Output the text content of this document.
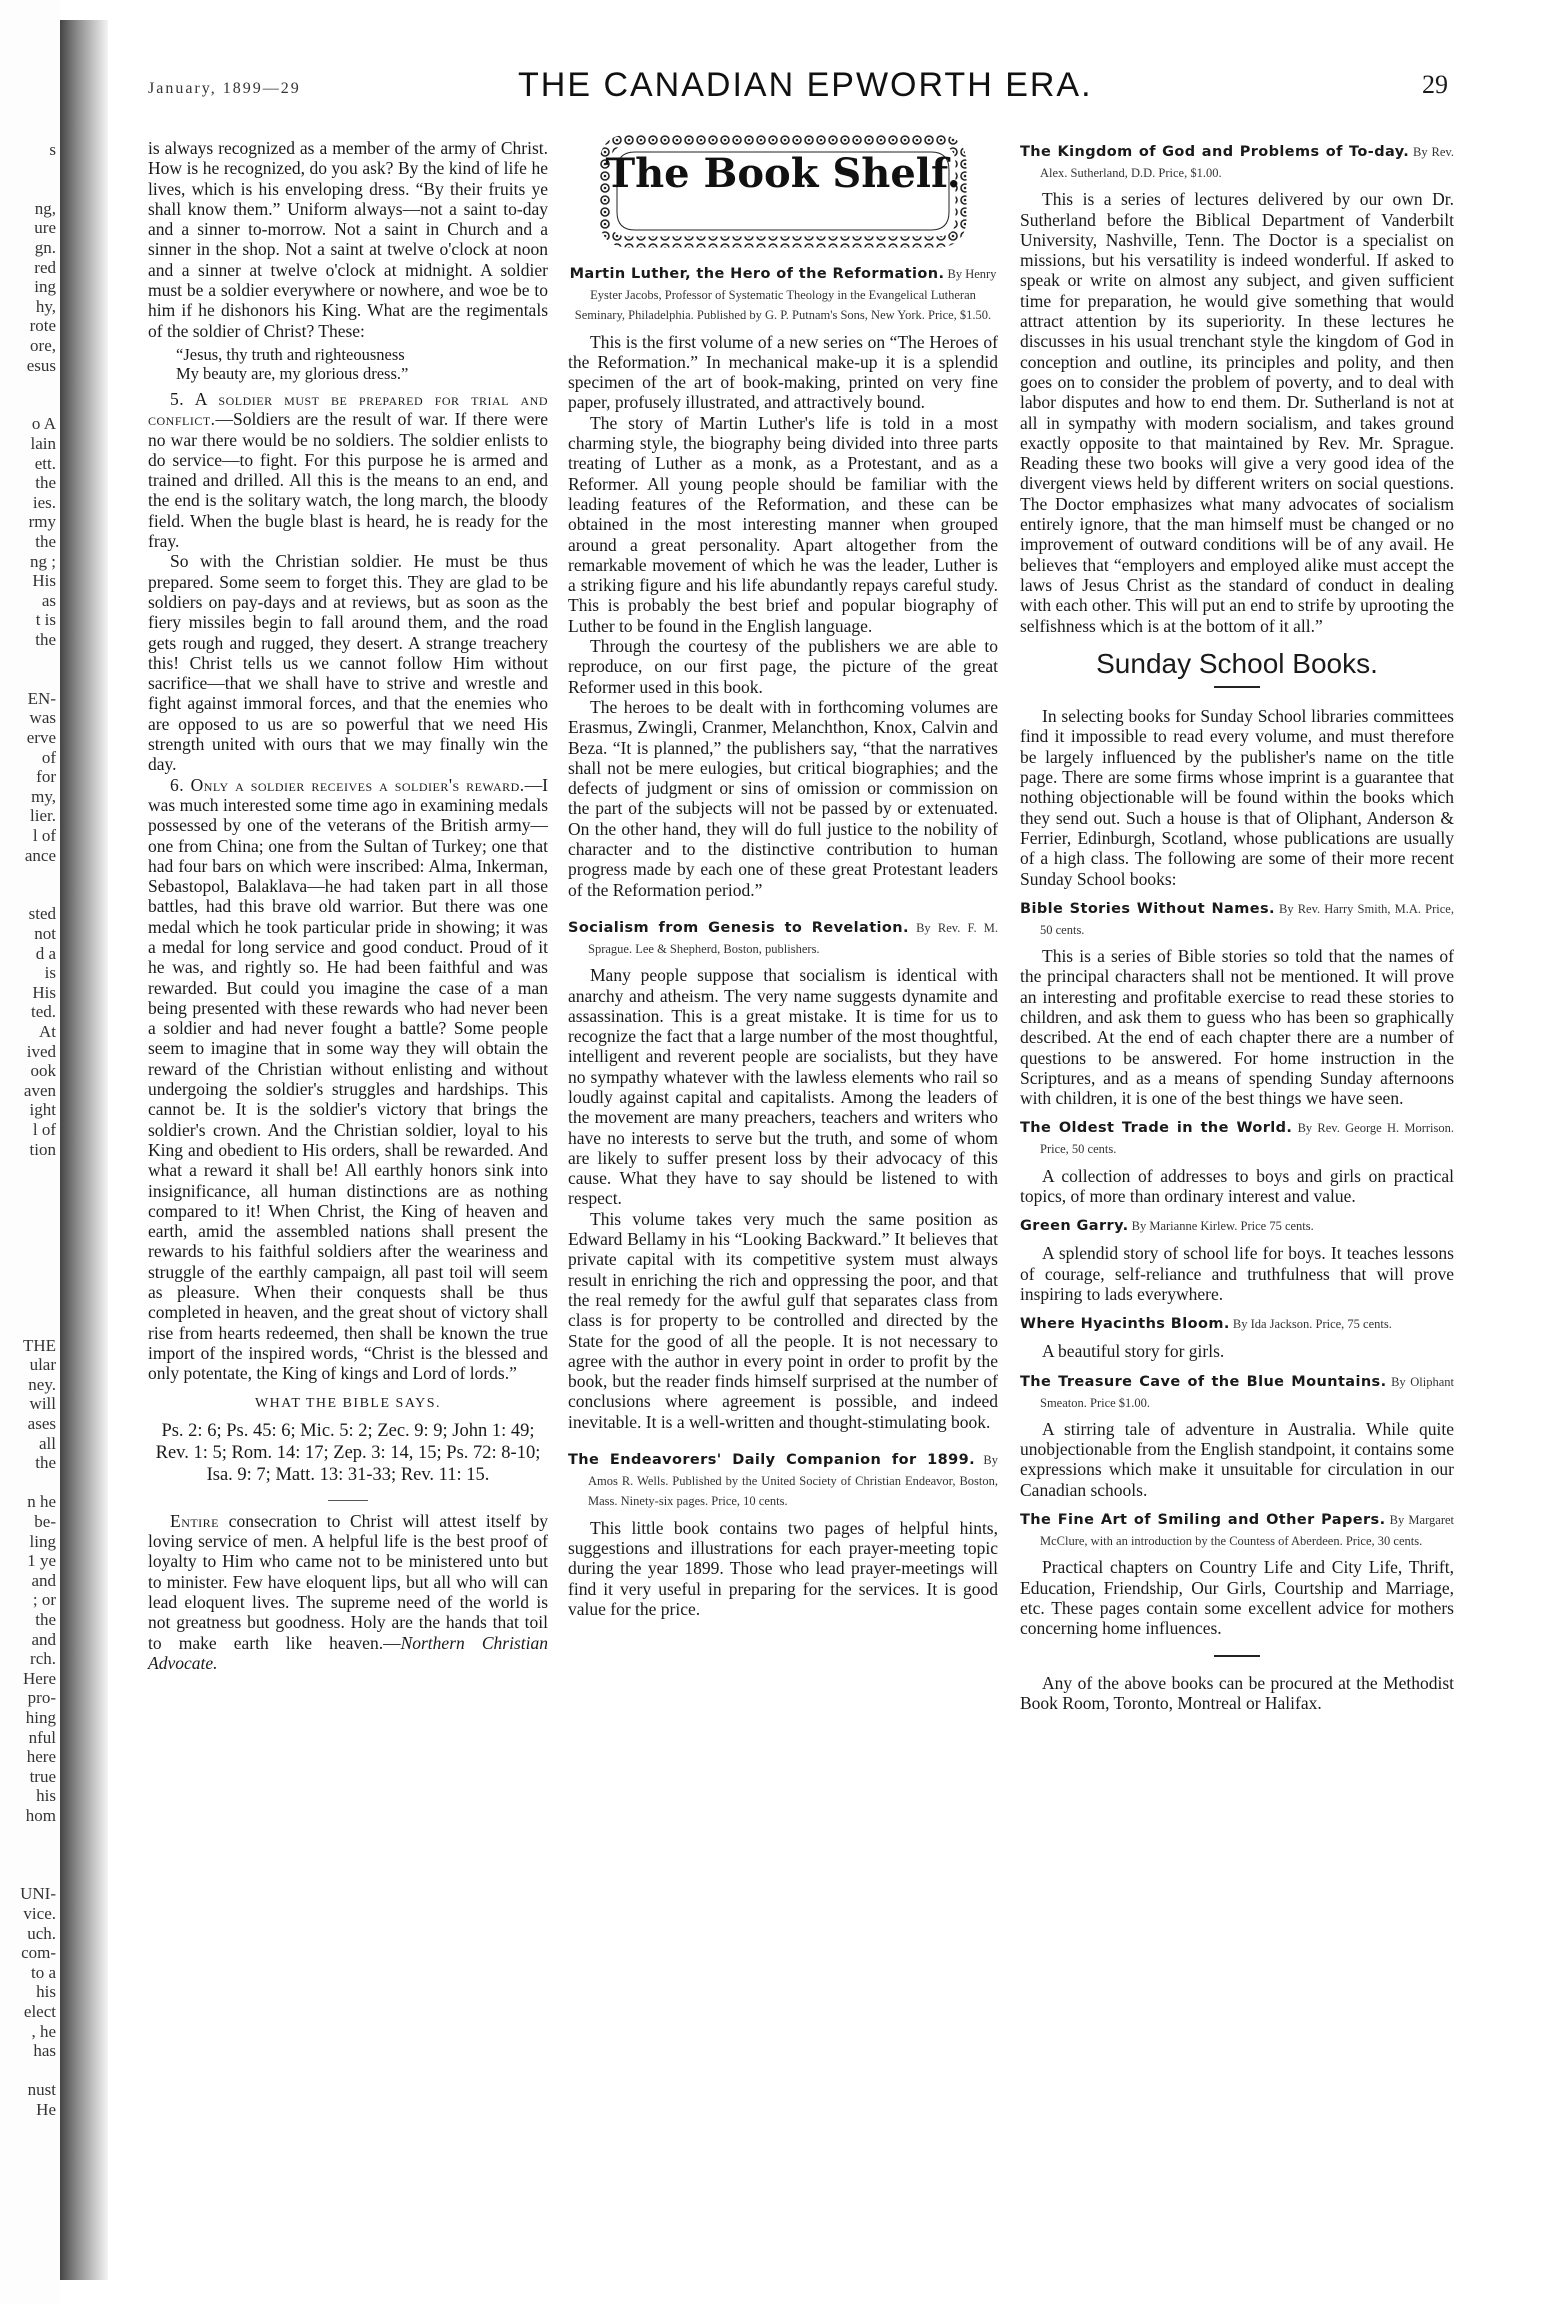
s
ng,
ure
gn.
red
ing
hy,
rote
ore,
esus
o A
lain
ett.
the
ies.
rmy
the
ng ;
His
as
t is
the
EN-
was
erve
of
for
my,
lier.
l of
ance
sted
not
d a
is
His
ted.
At
ived
ook
aven
ight
l of
tion
THE
ular
ney.
will
ases
all
the
n he
be-
ling
1 ye
and
; or
the
and
rch.
Here
pro-
hing
nful
here
true
his
hom
UNI-
vice.
uch.
com-
to a
his
elect
, he
has
nust
He
January, 1899—29	THE CANADIAN EPWORTH ERA.	29

is always recognized as a member of the army of Christ. How is he recognized, do you ask? By the kind of life he lives, which is his enveloping dress. “By their fruits ye shall know them.” Uniform always—not a saint to-day and a sinner to-morrow. Not a saint in Church and a sinner in the shop. Not a saint at twelve o'clock at noon and a sinner at twelve o'clock at midnight. A soldier must be a soldier everywhere or nowhere, and woe be to him if he dishonors his King. What are the regimentals of the soldier of Christ? These:

“Jesus, thy truth and righteousness
My beauty are, my glorious dress.”

5. A soldier must be prepared for trial and conflict.—Soldiers are the result of war. If there were no war there would be no soldiers. The soldier enlists to do service—to fight. For this purpose he is armed and trained and drilled. All this is the means to an end, and the end is the solitary watch, the long march, the bloody field. When the bugle blast is heard, he is ready for the fray.

So with the Christian soldier. He must be thus prepared. Some seem to forget this. They are glad to be soldiers on pay-days and at reviews, but as soon as the fiery missiles begin to fall around them, and the road gets rough and rugged, they desert. A strange treachery this! Christ tells us we cannot follow Him without sacrifice—that we shall have to strive and wrestle and fight against immoral forces, and that the enemies who are opposed to us are so powerful that we need His strength united with ours that we may finally win the day.

6. Only a soldier receives a soldier's reward.—I was much interested some time ago in examining medals possessed by one of the veterans of the British army—one from China; one from the Sultan of Turkey; one that had four bars on which were inscribed: Alma, Inkerman, Sebastopol, Balaklava—he had taken part in all those battles, had this brave old warrior. But there was one medal which he took particular pride in showing; it was a medal for long service and good conduct. Proud of it he was, and rightly so. He had been faithful and was rewarded. But could you imagine the case of a man being presented with these rewards who had never been a soldier and had never fought a battle? Some people seem to imagine that in some way they will obtain the reward of the Christian without enlisting and without undergoing the soldier's struggles and hardships. This cannot be. It is the soldier's victory that brings the soldier's crown. And the Christian soldier, loyal to his King and obedient to His orders, shall be rewarded. And what a reward it shall be! All earthly honors sink into insignificance, all human distinctions are as nothing compared to it! When Christ, the King of heaven and earth, amid the assembled nations shall present the rewards to his faithful soldiers after the weariness and struggle of the earthly campaign, all past toil will seem as pleasure. When their conquests shall be thus completed in heaven, and the great shout of victory shall rise from hearts redeemed, then shall be known the true import of the inspired words, “Christ is the blessed and only potentate, the King of kings and Lord of lords.”

WHAT THE BIBLE SAYS.

Ps. 2: 6; Ps. 45: 6; Mic. 5: 2; Zec. 9: 9; John 1: 49; Rev. 1: 5; Rom. 14: 17; Zep. 3: 14, 15; Ps. 72: 8-10; Isa. 9: 7; Matt. 13: 31-33; Rev. 11: 15.

Entire consecration to Christ will attest itself by loving service of men. A helpful life is the best proof of loyalty to Him who came not to be ministered unto but to minister. Few have eloquent lips, but all who will can lead eloquent lives. The supreme need of the world is not greatness but goodness. Holy are the hands that toil to make earth like heaven.—Northern Christian Advocate.

The Book Shelf.
Martin Luther, the Hero of the Reformation. By Henry Eyster Jacobs, Professor of Systematic Theology in the Evangelical Lutheran Seminary, Philadelphia. Published by G. P. Putnam's Sons, New York. Price, $1.50.

This is the first volume of a new series on “The Heroes of the Reformation.” In mechanical make-up it is a splendid specimen of the art of book-making, printed on very fine paper, profusely illustrated, and attractively bound.

The story of Martin Luther's life is told in a most charming style, the biography being divided into three parts treating of Luther as a monk, as a Protestant, and as a Reformer. All young people should be familiar with the leading features of the Reformation, and these can be obtained in the most interesting manner when grouped around a great personality. Apart altogether from the remarkable movement of which he was the leader, Luther is a striking figure and his life abundantly repays careful study. This is probably the best brief and popular biography of Luther to be found in the English language.

Through the courtesy of the publishers we are able to reproduce, on our first page, the picture of the great Reformer used in this book.

The heroes to be dealt with in forthcoming volumes are Erasmus, Zwingli, Cranmer, Melanchthon, Knox, Calvin and Beza. “It is planned,” the publishers say, “that the narratives shall not be mere eulogies, but critical biographies; and the defects of judgment or sins of omission or commission on the part of the subjects will not be passed by or extenuated. On the other hand, they will do full justice to the nobility of character and to the distinctive contribution to human progress made by each one of these great Protestant leaders of the Reformation period.”

Socialism from Genesis to Revelation. By Rev. F. M. Sprague. Lee & Shepherd, Boston, publishers.

Many people suppose that socialism is identical with anarchy and atheism. The very name suggests dynamite and assassination. This is a great mistake. It is time for us to recognize the fact that a large number of the most thoughtful, intelligent and reverent people are socialists, but they have no sympathy whatever with the lawless elements who rail so loudly against capital and capitalists. Among the leaders of the movement are many preachers, teachers and writers who have no interests to serve but the truth, and some of whom are likely to suffer present loss by their advocacy of this cause. What they have to say should be listened to with respect.

This volume takes very much the same position as Edward Bellamy in his “Looking Backward.” It believes that private capital with its competitive system must always result in enriching the rich and oppressing the poor, and that the real remedy for the awful gulf that separates class from class is for property to be controlled and directed by the State for the good of all the people. It is not necessary to agree with the author in every point in order to profit by the book, but the reader finds himself surprised at the number of conclusions where agreement is possible, and indeed inevitable. It is a well-written and thought-stimulating book.

The Endeavorers' Daily Companion for 1899. By Amos R. Wells. Published by the United Society of Christian Endeavor, Boston, Mass. Ninety-six pages. Price, 10 cents.

This little book contains two pages of helpful hints, suggestions and illustrations for each prayer-meeting topic during the year 1899. Those who lead prayer-meetings will find it very useful in preparing for the services. It is good value for the price.

The Kingdom of God and Problems of To-day. By Rev. Alex. Sutherland, D.D. Price, $1.00.

This is a series of lectures delivered by our own Dr. Sutherland before the Biblical Department of Vanderbilt University, Nashville, Tenn. The Doctor is a specialist on missions, but his versatility is indeed wonderful. If asked to speak or write on almost any subject, and given sufficient time for preparation, he would give something that would attract attention by its superiority. In these lectures he discusses in his usual trenchant style the kingdom of God in conception and outline, its principles and polity, and then goes on to consider the problem of poverty, and to deal with labor disputes and how to end them. Dr. Sutherland is not at all in sympathy with modern socialism, and takes ground exactly opposite to that maintained by Rev. Mr. Sprague. Reading these two books will give a very good idea of the divergent views held by different writers on social questions. The Doctor emphasizes what many advocates of socialism entirely ignore, that the man himself must be changed or no improvement of outward conditions will be of any avail. He believes that “employers and employed alike must accept the laws of Jesus Christ as the standard of conduct in dealing with each other. This will put an end to strife by uprooting the selfishness which is at the bottom of it all.”

Sunday School Books.

In selecting books for Sunday School libraries committees find it impossible to read every volume, and must therefore be largely influenced by the publisher's name on the title page. There are some firms whose imprint is a guarantee that nothing objectionable will be found within the books which they send out. Such a house is that of Oliphant, Anderson & Ferrier, Edinburgh, Scotland, whose publications are usually of a high class. The following are some of their more recent Sunday School books:

Bible Stories Without Names. By Rev. Harry Smith, M.A. Price, 50 cents.

This is a series of Bible stories so told that the names of the principal characters shall not be mentioned. It will prove an interesting and profitable exercise to read these stories to children, and ask them to guess who has been so graphically described. At the end of each chapter there are a number of questions to be answered. For home instruction in the Scriptures, and as a means of spending Sunday afternoons with children, it is one of the best things we have seen.

The Oldest Trade in the World. By Rev. George H. Morrison. Price, 50 cents.

A collection of addresses to boys and girls on practical topics, of more than ordinary interest and value.

Green Garry. By Marianne Kirlew. Price 75 cents.

A splendid story of school life for boys. It teaches lessons of courage, self-reliance and truthfulness that will prove inspiring to lads everywhere.

Where Hyacinths Bloom. By Ida Jackson. Price, 75 cents.

A beautiful story for girls.

The Treasure Cave of the Blue Mountains. By Oliphant Smeaton. Price $1.00.

A stirring tale of adventure in Australia. While quite unobjectionable from the English standpoint, it contains some expressions which make it unsuitable for circulation in our Canadian schools.

The Fine Art of Smiling and Other Papers. By Margaret McClure, with an introduction by the Countess of Aberdeen. Price, 30 cents.

Practical chapters on Country Life and City Life, Thrift, Education, Friendship, Our Girls, Courtship and Marriage, etc. These pages contain some excellent advice for mothers concerning home influences.

Any of the above books can be procured at the Methodist Book Room, Toronto, Montreal or Halifax.
